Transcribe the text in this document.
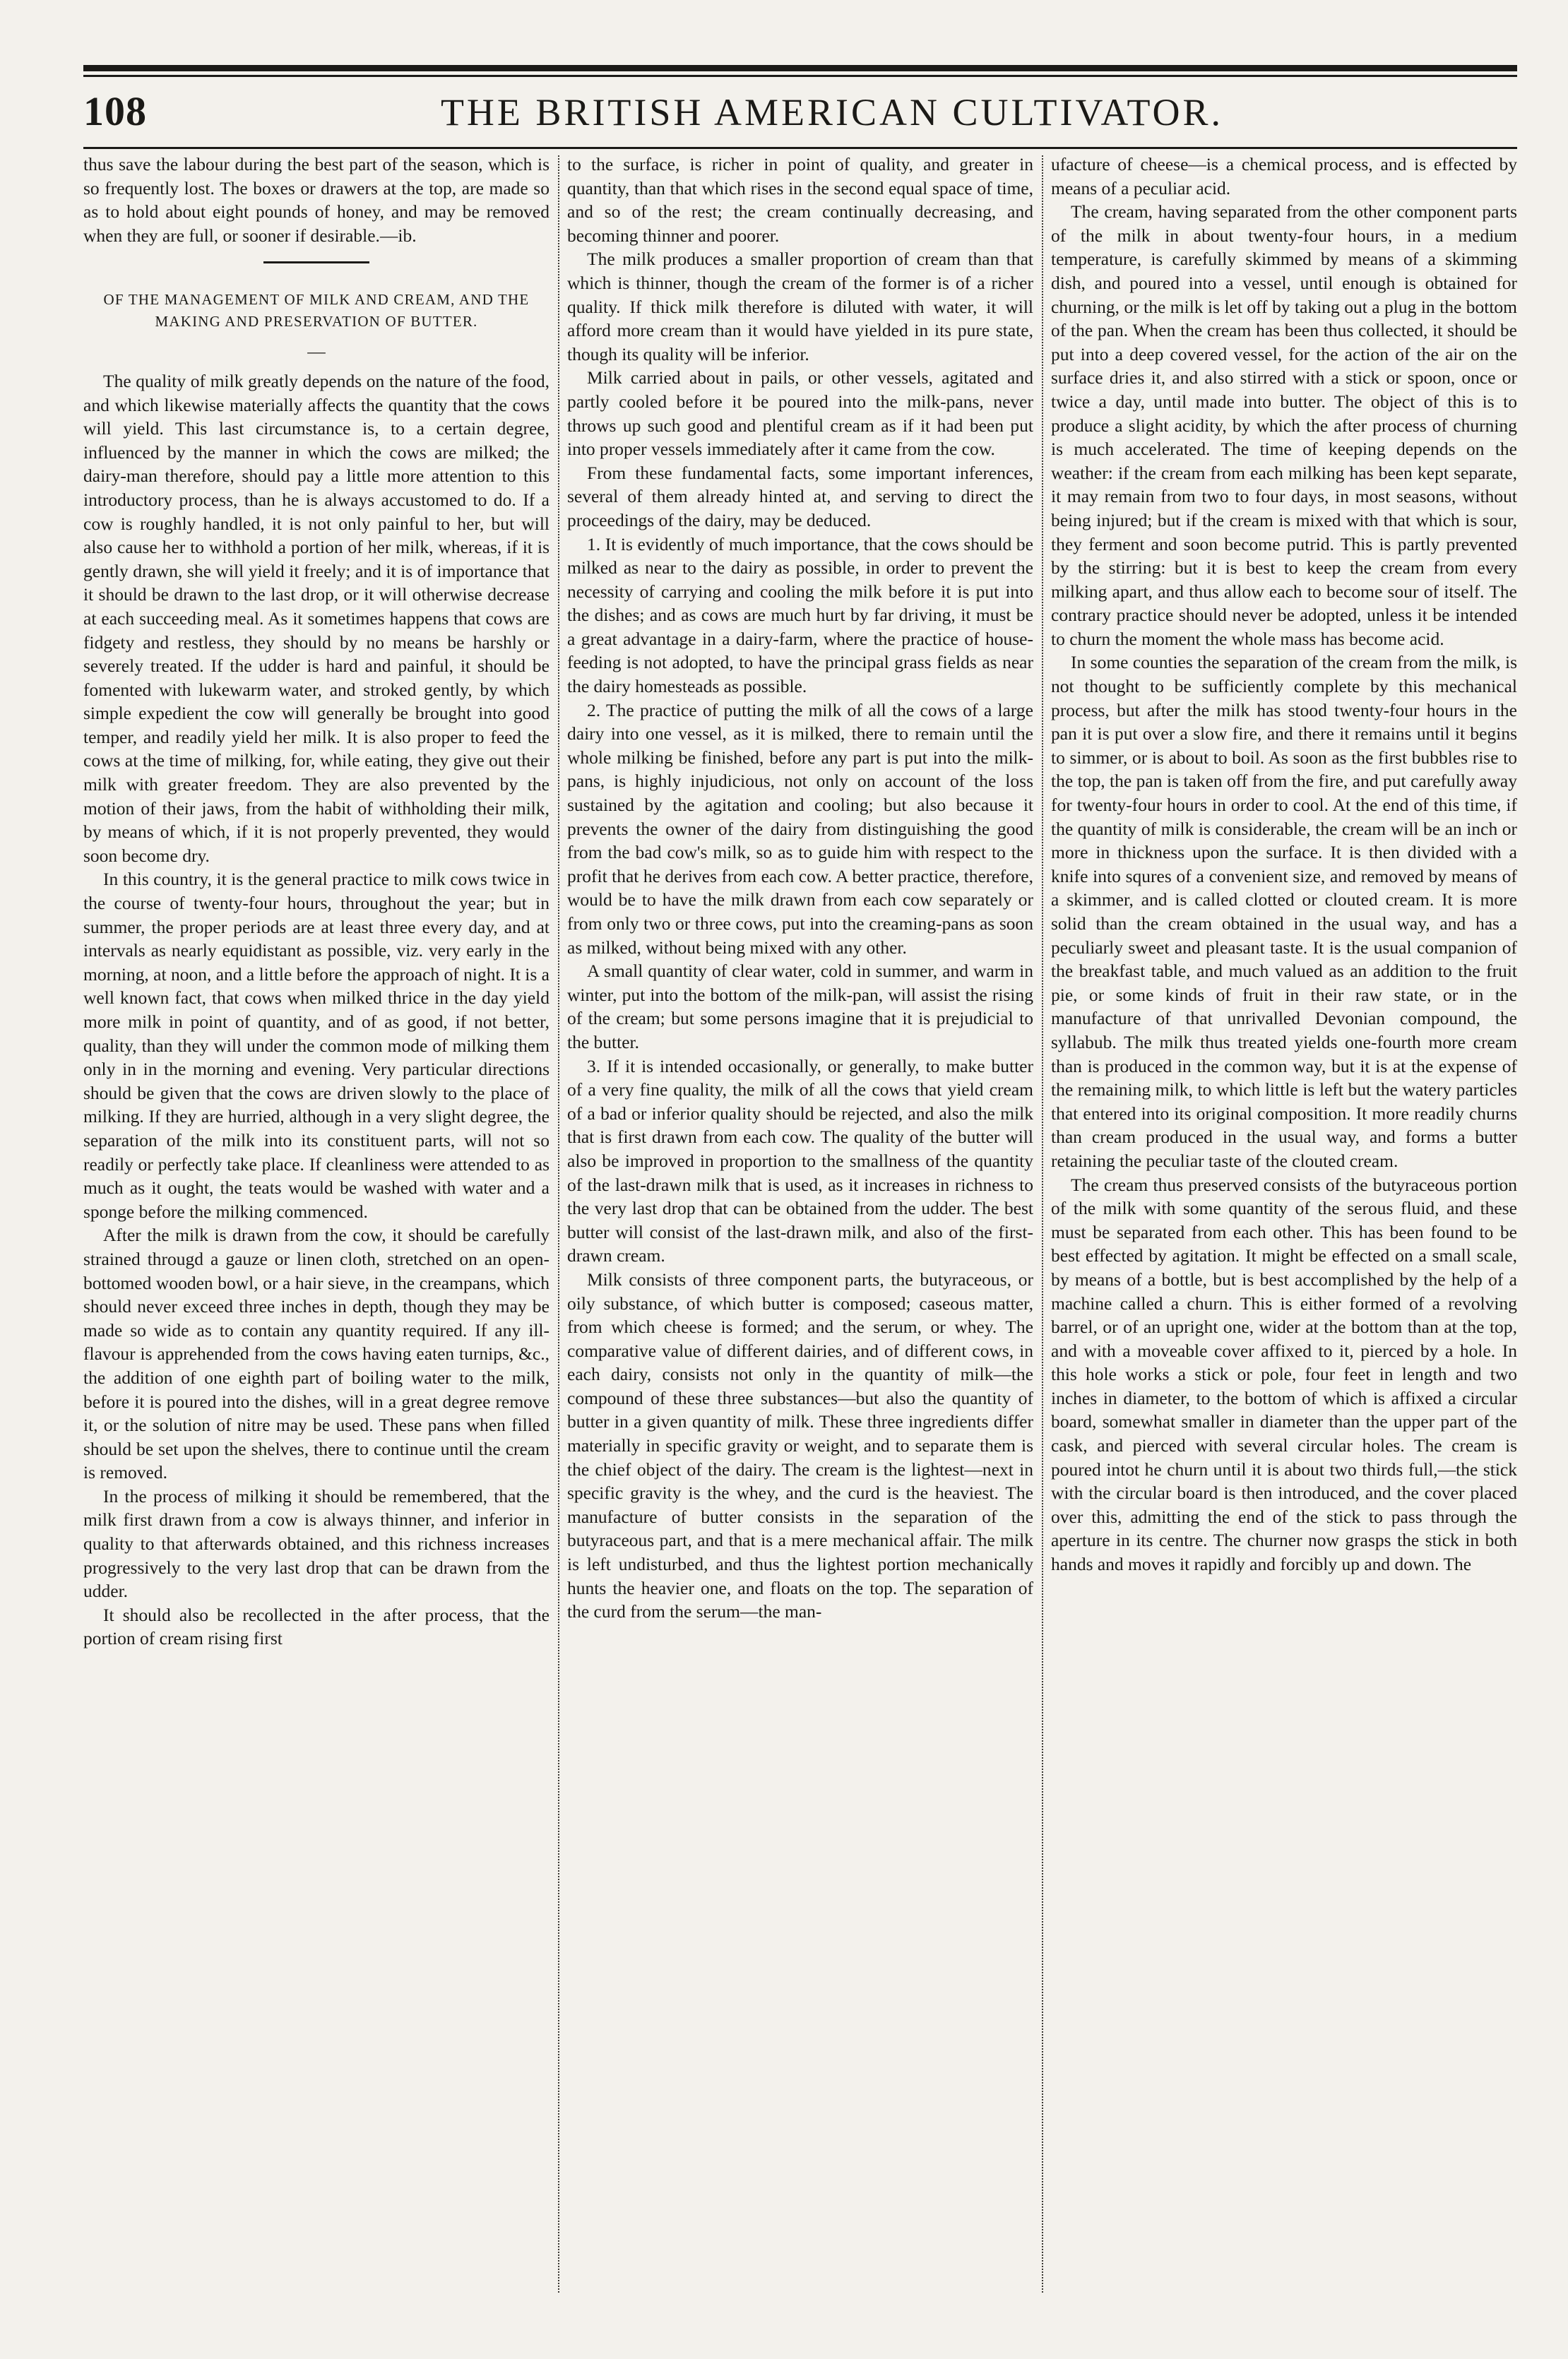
108	THE BRITISH AMERICAN CULTIVATOR.

thus save the labour during the best part of the season, which is so frequently lost. The boxes or drawers at the top, are made so as to hold about eight pounds of honey, and may be removed when they are full, or sooner if desirable.—ib.

OF THE MANAGEMENT OF MILK AND CREAM, AND THE MAKING AND PRESERVATION OF BUTTER.
—

The quality of milk greatly depends on the nature of the food, and which likewise materially affects the quantity that the cows will yield. This last circumstance is, to a certain degree, influenced by the manner in which the cows are milked; the dairy-man therefore, should pay a little more attention to this introductory process, than he is always accustomed to do. If a cow is roughly handled, it is not only painful to her, but will also cause her to withhold a portion of her milk, whereas, if it is gently drawn, she will yield it freely; and it is of importance that it should be drawn to the last drop, or it will otherwise decrease at each succeeding meal. As it sometimes happens that cows are fidgety and restless, they should by no means be harshly or severely treated. If the udder is hard and painful, it should be fomented with lukewarm water, and stroked gently, by which simple expedient the cow will generally be brought into good temper, and readily yield her milk. It is also proper to feed the cows at the time of milking, for, while eating, they give out their milk with greater freedom. They are also prevented by the motion of their jaws, from the habit of withholding their milk, by means of which, if it is not properly prevented, they would soon become dry.

In this country, it is the general practice to milk cows twice in the course of twenty-four hours, throughout the year; but in summer, the proper periods are at least three every day, and at intervals as nearly equidistant as possible, viz. very early in the morning, at noon, and a little before the approach of night. It is a well known fact, that cows when milked thrice in the day yield more milk in point of quantity, and of as good, if not better, quality, than they will under the common mode of milking them only in in the morning and evening. Very particular directions should be given that the cows are driven slowly to the place of milking. If they are hurried, although in a very slight degree, the separation of the milk into its constituent parts, will not so readily or perfectly take place. If cleanliness were attended to as much as it ought, the teats would be washed with water and a sponge before the milking commenced.

After the milk is drawn from the cow, it should be carefully strained througd a gauze or linen cloth, stretched on an open-bottomed wooden bowl, or a hair sieve, in the creampans, which should never exceed three inches in depth, though they may be made so wide as to contain any quantity required. If any ill-flavour is apprehended from the cows having eaten turnips, &c., the addition of one eighth part of boiling water to the milk, before it is poured into the dishes, will in a great degree remove it, or the solution of nitre may be used. These pans when filled should be set upon the shelves, there to continue until the cream is removed.

In the process of milking it should be remembered, that the milk first drawn from a cow is always thinner, and inferior in quality to that afterwards obtained, and this richness increases progressively to the very last drop that can be drawn from the udder.

It should also be recollected in the after process, that the portion of cream rising first

to the surface, is richer in point of quality, and greater in quantity, than that which rises in the second equal space of time, and so of the rest; the cream continually decreasing, and becoming thinner and poorer.

The milk produces a smaller proportion of cream than that which is thinner, though the cream of the former is of a richer quality. If thick milk therefore is diluted with water, it will afford more cream than it would have yielded in its pure state, though its quality will be inferior.

Milk carried about in pails, or other vessels, agitated and partly cooled before it be poured into the milk-pans, never throws up such good and plentiful cream as if it had been put into proper vessels immediately after it came from the cow.

From these fundamental facts, some important inferences, several of them already hinted at, and serving to direct the proceedings of the dairy, may be deduced.

1. It is evidently of much importance, that the cows should be milked as near to the dairy as possible, in order to prevent the necessity of carrying and cooling the milk before it is put into the dishes; and as cows are much hurt by far driving, it must be a great advantage in a dairy-farm, where the practice of house-feeding is not adopted, to have the principal grass fields as near the dairy homesteads as possible.

2. The practice of putting the milk of all the cows of a large dairy into one vessel, as it is milked, there to remain until the whole milking be finished, before any part is put into the milk-pans, is highly injudicious, not only on account of the loss sustained by the agitation and cooling; but also because it prevents the owner of the dairy from distinguishing the good from the bad cow's milk, so as to guide him with respect to the profit that he derives from each cow. A better practice, therefore, would be to have the milk drawn from each cow separately or from only two or three cows, put into the creaming-pans as soon as milked, without being mixed with any other.

A small quantity of clear water, cold in summer, and warm in winter, put into the bottom of the milk-pan, will assist the rising of the cream; but some persons imagine that it is prejudicial to the butter.

3. If it is intended occasionally, or generally, to make butter of a very fine quality, the milk of all the cows that yield cream of a bad or inferior quality should be rejected, and also the milk that is first drawn from each cow. The quality of the butter will also be improved in proportion to the smallness of the quantity of the last-drawn milk that is used, as it increases in richness to the very last drop that can be obtained from the udder. The best butter will consist of the last-drawn milk, and also of the first-drawn cream.

Milk consists of three component parts, the butyraceous, or oily substance, of which butter is composed; caseous matter, from which cheese is formed; and the serum, or whey. The comparative value of different dairies, and of different cows, in each dairy, consists not only in the quantity of milk—the compound of these three substances—but also the quantity of butter in a given quantity of milk. These three ingredients differ materially in specific gravity or weight, and to separate them is the chief object of the dairy. The cream is the lightest—next in specific gravity is the whey, and the curd is the heaviest. The manufacture of butter consists in the separation of the butyraceous part, and that is a mere mechanical affair. The milk is left undisturbed, and thus the lightest portion mechanically hunts the heavier one, and floats on the top. The separation of the curd from the serum—the man-

ufacture of cheese—is a chemical process, and is effected by means of a peculiar acid.

The cream, having separated from the other component parts of the milk in about twenty-four hours, in a medium temperature, is carefully skimmed by means of a skimming dish, and poured into a vessel, until enough is obtained for churning, or the milk is let off by taking out a plug in the bottom of the pan. When the cream has been thus collected, it should be put into a deep covered vessel, for the action of the air on the surface dries it, and also stirred with a stick or spoon, once or twice a day, until made into butter. The object of this is to produce a slight acidity, by which the after process of churning is much accelerated. The time of keeping depends on the weather: if the cream from each milking has been kept separate, it may remain from two to four days, in most seasons, without being injured; but if the cream is mixed with that which is sour, they ferment and soon become putrid. This is partly prevented by the stirring: but it is best to keep the cream from every milking apart, and thus allow each to become sour of itself. The contrary practice should never be adopted, unless it be intended to churn the moment the whole mass has become acid.

In some counties the separation of the cream from the milk, is not thought to be sufficiently complete by this mechanical process, but after the milk has stood twenty-four hours in the pan it is put over a slow fire, and there it remains until it begins to simmer, or is about to boil. As soon as the first bubbles rise to the top, the pan is taken off from the fire, and put carefully away for twenty-four hours in order to cool. At the end of this time, if the quantity of milk is considerable, the cream will be an inch or more in thickness upon the surface. It is then divided with a knife into squres of a convenient size, and removed by means of a skimmer, and is called clotted or clouted cream. It is more solid than the cream obtained in the usual way, and has a peculiarly sweet and pleasant taste. It is the usual companion of the breakfast table, and much valued as an addition to the fruit pie, or some kinds of fruit in their raw state, or in the manufacture of that unrivalled Devonian compound, the syllabub. The milk thus treated yields one-fourth more cream than is produced in the common way, but it is at the expense of the remaining milk, to which little is left but the watery particles that entered into its original composition. It more readily churns than cream produced in the usual way, and forms a butter retaining the peculiar taste of the clouted cream.

The cream thus preserved consists of the butyraceous portion of the milk with some quantity of the serous fluid, and these must be separated from each other. This has been found to be best effected by agitation. It might be effected on a small scale, by means of a bottle, but is best accomplished by the help of a machine called a churn. This is either formed of a revolving barrel, or of an upright one, wider at the bottom than at the top, and with a moveable cover affixed to it, pierced by a hole. In this hole works a stick or pole, four feet in length and two inches in diameter, to the bottom of which is affixed a circular board, somewhat smaller in diameter than the upper part of the cask, and pierced with several circular holes. The cream is poured intot he churn until it is about two thirds full,—the stick with the circular board is then introduced, and the cover placed over this, admitting the end of the stick to pass through the aperture in its centre. The churner now grasps the stick in both hands and moves it rapidly and forcibly up and down. The
